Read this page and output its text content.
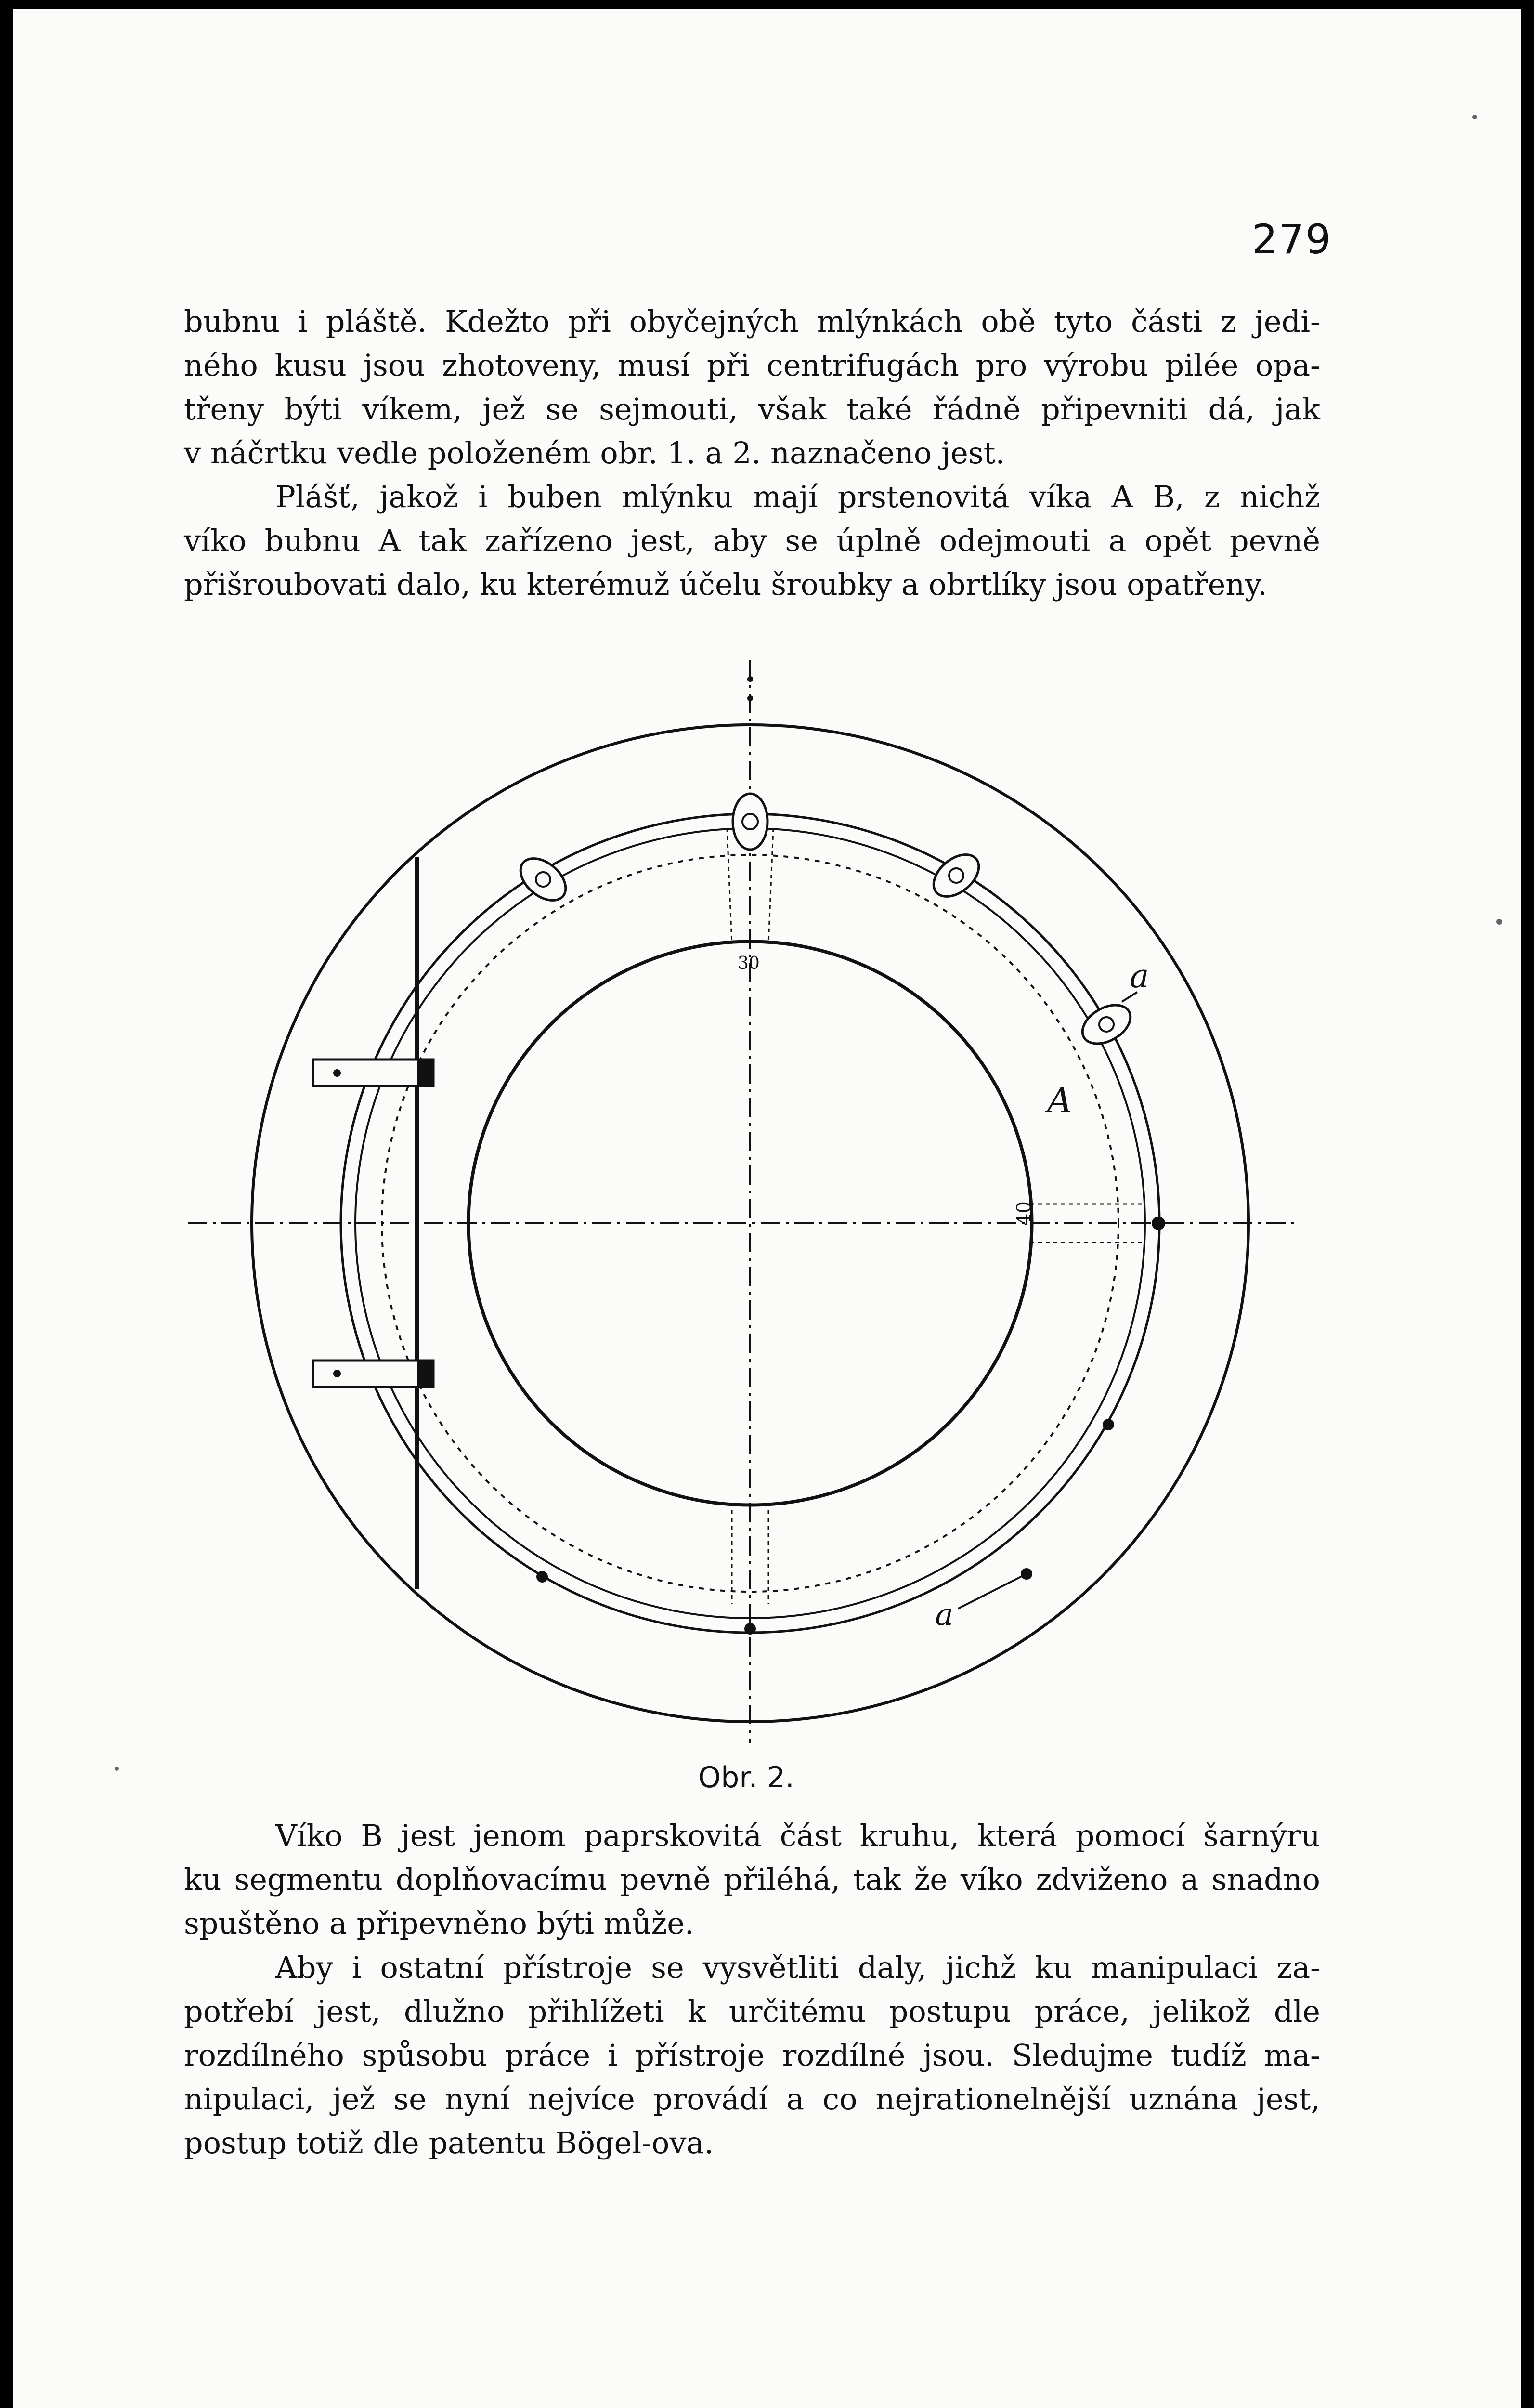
279
bubnu i pláště. Kdežto při obyčejných mlýnkách obě tyto části z jedi-
ného kusu jsou zhotoveny, musí při centrifugách pro výrobu pilée opa-
třeny býti víkem, jež se sejmouti, však také řádně připevniti dá, jak
v náčrtku vedle položeném obr. 1. a 2. naznačeno jest.
Plášť, jakož i buben mlýnku mají prstenovitá víka A B, z nichž
víko bubnu A tak zařízeno jest, aby se úplně odejmouti a opět pevně
přišroubovati dalo, ku kterémuž účelu šroubky a obrtlíky jsou opatřeny.
a
A
a
30
40
Obr. 2.
Víko B jest jenom paprskovitá část kruhu, která pomocí šarnýru
ku segmentu doplňovacímu pevně přiléhá, tak že víko zdviženo a snadno
spuštěno a připevněno býti může.
Aby i ostatní přístroje se vysvětliti daly, jichž ku manipulaci za-
potřebí jest, dlužno přihlížeti k určitému postupu práce, jelikož dle
rozdílného spůsobu práce i přístroje rozdílné jsou. Sledujme tudíž ma-
nipulaci, jež se nyní nejvíce provádí a co nejrationelnější uznána jest,
postup totiž dle patentu Bögel-ova.
